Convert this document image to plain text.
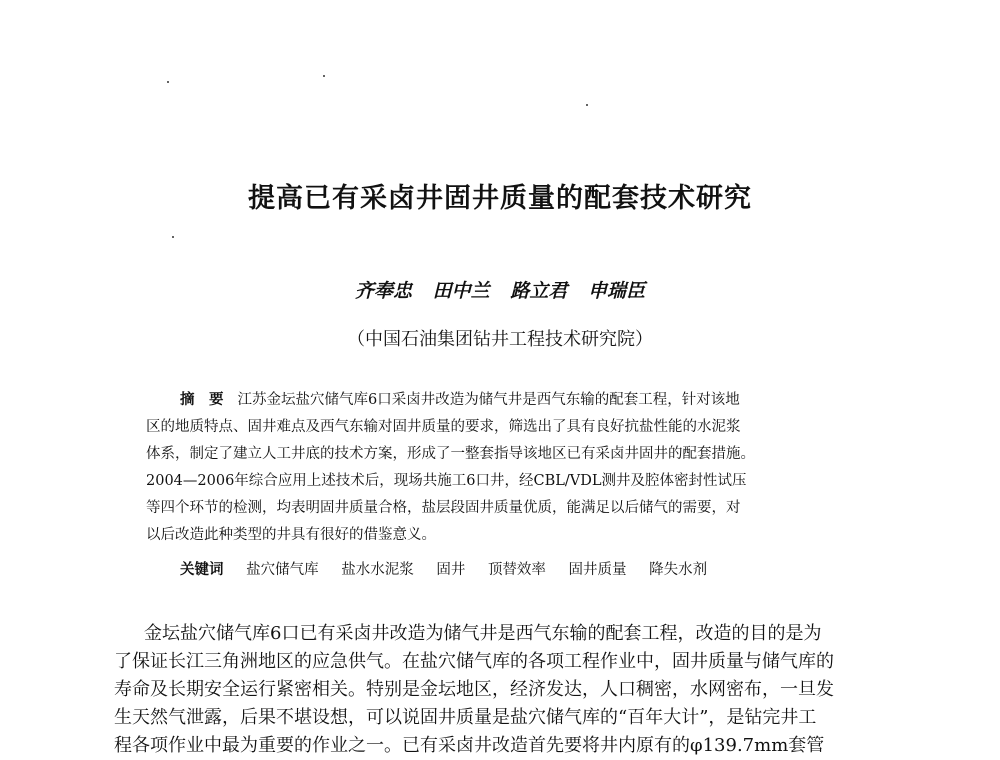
提高已有采卤井固井质量的配套技术研究
齐奉忠 田中兰 路立君 申瑞臣
（中国石油集团钻井工程技术研究院）
摘　要 江苏金坛盐穴储气库6口采卤井改造为储气井是西气东输的配套工程，针对该地
区的地质特点、固井难点及西气东输对固井质量的要求，筛选出了具有良好抗盐性能的水泥浆
体系，制定了建立人工井底的技术方案，形成了一整套指导该地区已有采卤井固井的配套措施。
2004—2006年综合应用上述技术后，现场共施工6口井，经CBL/VDL测井及腔体密封性试压
等四个环节的检测，均表明固井质量合格，盐层段固井质量优质，能满足以后储气的需要，对
以后改造此种类型的井具有很好的借鉴意义。
关键词 盐穴储气库 盐水水泥浆 固井 顶替效率 固井质量 降失水剂
金坛盐穴储气库6口已有采卤井改造为储气井是西气东输的配套工程，改造的目的是为
了保证长江三角洲地区的应急供气。在盐穴储气库的各项工程作业中，固井质量与储气库的
寿命及长期安全运行紧密相关。特别是金坛地区，经济发达，人口稠密，水网密布，一旦发
生天然气泄露，后果不堪设想，可以说固井质量是盐穴储气库的“百年大计”，是钻完井工
程各项作业中最为重要的作业之一。已有采卤井改造首先要将井内原有的φ139.7mm套管
